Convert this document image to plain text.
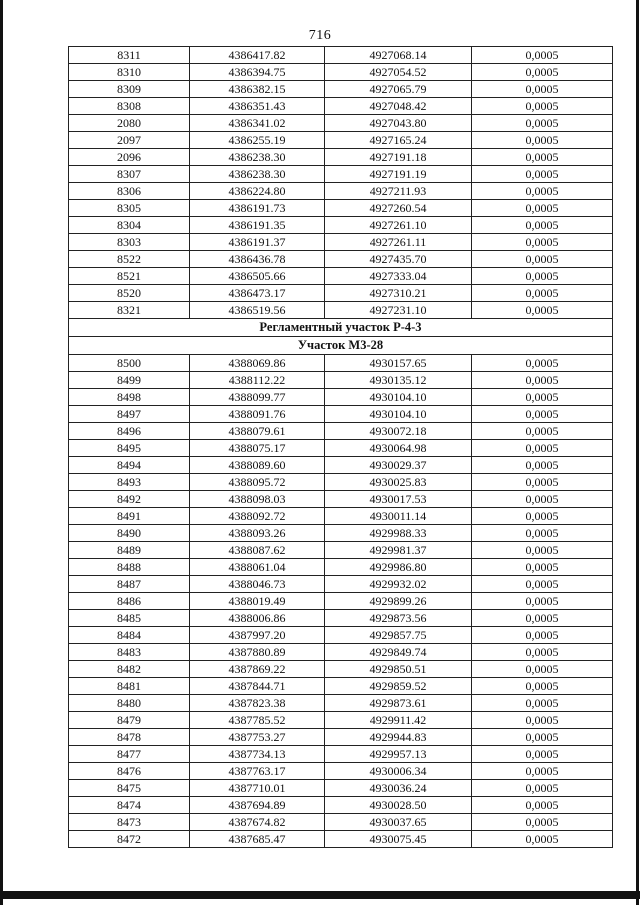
716
8311	4386417.82	4927068.14	0,0005
8310	4386394.75	4927054.52	0,0005
8309	4386382.15	4927065.79	0,0005
8308	4386351.43	4927048.42	0,0005
2080	4386341.02	4927043.80	0,0005
2097	4386255.19	4927165.24	0,0005
2096	4386238.30	4927191.18	0,0005
8307	4386238.30	4927191.19	0,0005
8306	4386224.80	4927211.93	0,0005
8305	4386191.73	4927260.54	0,0005
8304	4386191.35	4927261.10	0,0005
8303	4386191.37	4927261.11	0,0005
8522	4386436.78	4927435.70	0,0005
8521	4386505.66	4927333.04	0,0005
8520	4386473.17	4927310.21	0,0005
8321	4386519.56	4927231.10	0,0005
Регламентный участок Р-4-3			
Участок М3-28			
8500	4388069.86	4930157.65	0,0005
8499	4388112.22	4930135.12	0,0005
8498	4388099.77	4930104.10	0,0005
8497	4388091.76	4930104.10	0,0005
8496	4388079.61	4930072.18	0,0005
8495	4388075.17	4930064.98	0,0005
8494	4388089.60	4930029.37	0,0005
8493	4388095.72	4930025.83	0,0005
8492	4388098.03	4930017.53	0,0005
8491	4388092.72	4930011.14	0,0005
8490	4388093.26	4929988.33	0,0005
8489	4388087.62	4929981.37	0,0005
8488	4388061.04	4929986.80	0,0005
8487	4388046.73	4929932.02	0,0005
8486	4388019.49	4929899.26	0,0005
8485	4388006.86	4929873.56	0,0005
8484	4387997.20	4929857.75	0,0005
8483	4387880.89	4929849.74	0,0005
8482	4387869.22	4929850.51	0,0005
8481	4387844.71	4929859.52	0,0005
8480	4387823.38	4929873.61	0,0005
8479	4387785.52	4929911.42	0,0005
8478	4387753.27	4929944.83	0,0005
8477	4387734.13	4929957.13	0,0005
8476	4387763.17	4930006.34	0,0005
8475	4387710.01	4930036.24	0,0005
8474	4387694.89	4930028.50	0,0005
8473	4387674.82	4930037.65	0,0005
8472	4387685.47	4930075.45	0,0005
